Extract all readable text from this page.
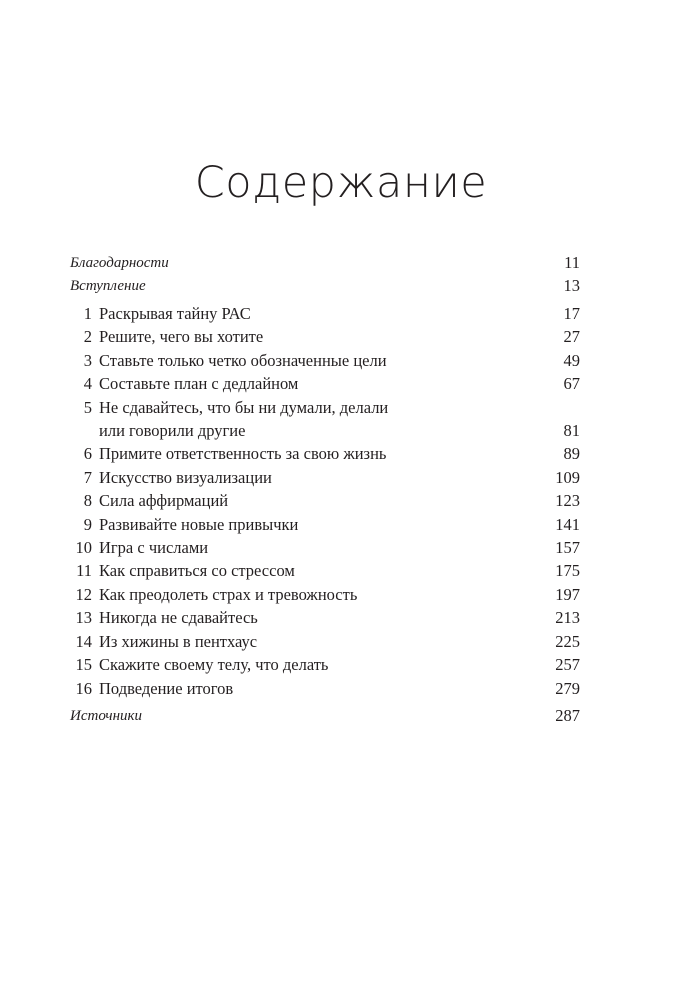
Содержание
Благодарности	11
Вступление	13
1 Раскрывая тайну РАС	17
2 Решите, чего вы хотите	27
3 Ставьте только четко обозначенные цели	49
4 Составьте план с дедлайном	67
5 Не сдавайтесь, что бы ни думали, делали
или говорили другие	81
6 Примите ответственность за свою жизнь	89
7 Искусство визуализации	109
8 Сила аффирмаций	123
9 Развивайте новые привычки	141
10 Игра с числами	157
11 Как справиться со стрессом	175
12 Как преодолеть страх и тревожность	197
13 Никогда не сдавайтесь	213
14 Из хижины в пентхаус	225
15 Скажите своему телу, что делать	257
16 Подведение итогов	279
Источники	287
